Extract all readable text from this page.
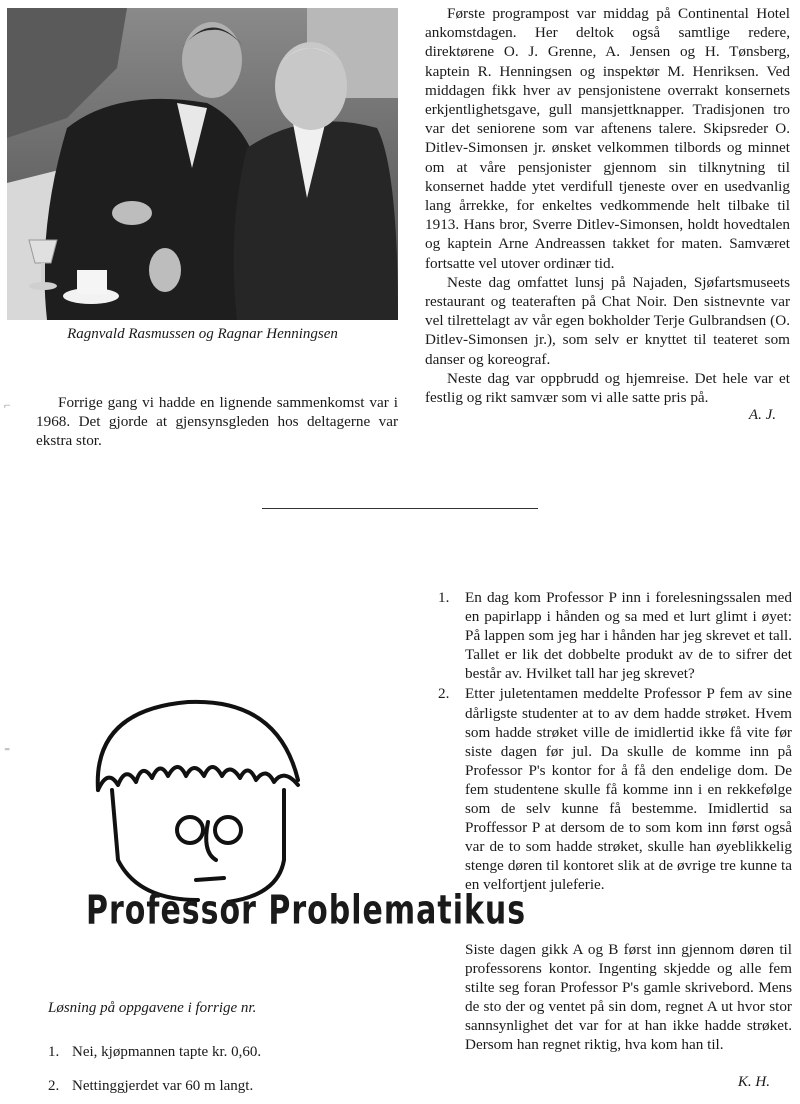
Ragnvald Rasmussen og Ragnar Henningsen

Forrige gang vi hadde en lignende sammenkomst var i 1968. Det gjorde at gjensynsgleden hos deltagerne var ekstra stor.

⌐

Første programpost var middag på Continental Hotel ankomstdagen. Her deltok også samtlige redere, direktørene O. J. Grenne, A. Jensen og H. Tønsberg, kaptein R. Henningsen og inspektør M. Henriksen. Ved middagen fikk hver av pensjonistene overrakt konsernets erkjentlighetsgave, gull mansjettknapper. Tradisjonen tro var det seniorene som var aftenens talere. Skipsreder O. Ditlev-Simonsen jr. ønsket velkommen tilbords og minnet om at våre pensjonister gjennom sin tilknytning til konsernet hadde ytet verdifull tjeneste over en usedvanlig lang årrekke, for enkeltes vedkommende helt tilbake til 1913. Hans bror, Sverre Ditlev-Simonsen, holdt hovedtalen og kaptein Arne Andreassen takket for maten. Samværet fortsatte vel utover ordinær tid.

Neste dag omfattet lunsj på Najaden, Sjøfartsmuseets restaurant og teateraften på Chat Noir. Den sistnevnte var vel tilrettelagt av vår egen bokholder Terje Gulbrandsen (O. Ditlev-Simonsen jr.), som selv er knyttet til teateret som danser og koreograf.

Neste dag var oppbrudd og hjemreise. Det hele var et festlig og rikt samvær som vi alle satte pris på.

A. J.

Professor Problematikus
⁼
Løsning på oppgavene i forrige nr.
1. Nei, kjøpmannen tapte kr. 0,60.
2. Nettinggjerdet var 60 m langt.
1. En dag kom Professor P inn i forelesningssalen med en papirlapp i hånden og sa med et lurt glimt i øyet: På lappen som jeg har i hånden har jeg skrevet et tall. Tallet er lik det dobbelte produkt av de to sifrer det består av. Hvilket tall har jeg skrevet?
2. Etter juletentamen meddelte Professor P fem av sine dårligste studenter at to av dem hadde strøket. Hvem som hadde strøket ville de imidlertid ikke få vite før siste dagen før jul. Da skulle de komme inn på Professor P's kontor for å få den endelige dom. De fem studentene skulle få komme inn i en rekkefølge som de selv kunne få bestemme. Imidlertid sa Proffessor P at dersom de to som kom inn først også var de to som hadde strøket, skulle han øyeblikkelig stenge døren til kontoret slik at de øvrige tre kunne ta en velfortjent juleferie.

Siste dagen gikk A og B først inn gjennom døren til professorens kontor. Ingenting skjedde og alle fem stilte seg foran Professor P's gamle skrivebord. Mens de sto der og ventet på sin dom, regnet A ut hvor stor sannsynlighet det var for at han ikke hadde strøket. Dersom han regnet riktig, hva kom han til.

K. H.
